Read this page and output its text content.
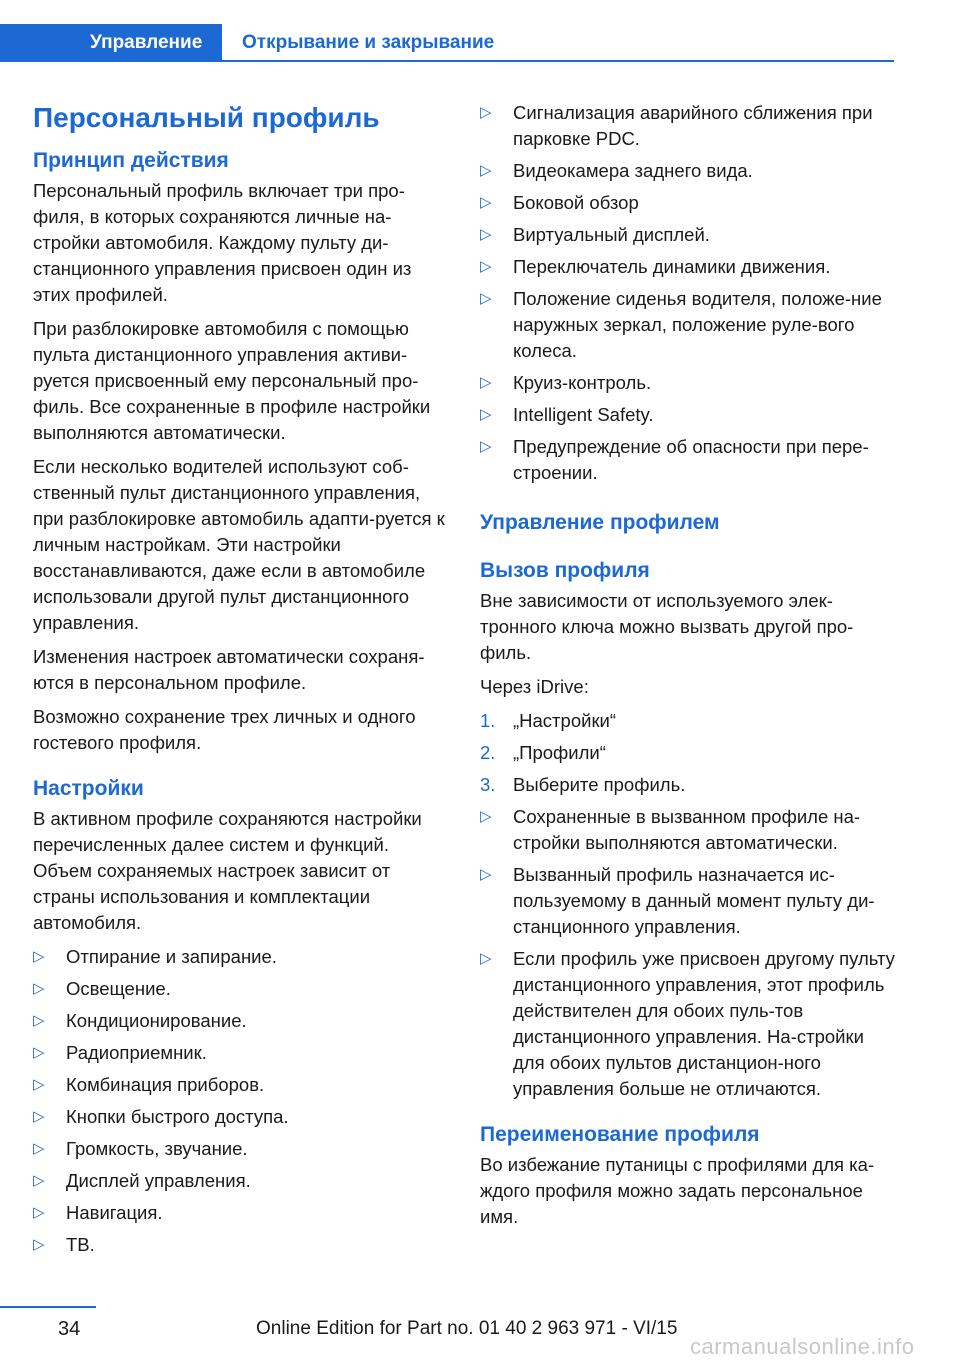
Управление	Открывание и закрывание
Персональный профиль
Принцип действия

Персональный профиль включает три про-филя, в которых сохраняются личные на-стройки автомобиля. Каждому пульту ди-станционного управления присвоен один из этих профилей.

При разблокировке автомобиля с помощью пульта дистанционного управления активи-руется присвоенный ему персональный про-филь. Все сохраненные в профиле настройки выполняются автоматически.

Если несколько водителей используют соб-ственный пульт дистанционного управления, при разблокировке автомобиль адапти-руется к личным настройкам. Эти настройки восстанавливаются, даже если в автомобиле использовали другой пульт дистанционного управления.

Изменения настроек автоматически сохраня-ются в персональном профиле.

Возможно сохранение трех личных и одного гостевого профиля.

Настройки

В активном профиле сохраняются настройки перечисленных далее систем и функций. Объем сохраняемых настроек зависит от страны использования и комплектации автомобиля.

▷ Отпирание и запирание.
▷ Освещение.
▷ Кондиционирование.
▷ Радиоприемник.
▷ Комбинация приборов.
▷ Кнопки быстрого доступа.
▷ Громкость, звучание.
▷ Дисплей управления.
▷ Навигация.
▷ ТВ.
▷ Сигнализация аварийного сближения при парковке PDC.
▷ Видеокамера заднего вида.
▷ Боковой обзор
▷ Виртуальный дисплей.
▷ Переключатель динамики движения.
▷ Положение сиденья водителя, положе-ние наружных зеркал, положение руле-вого колеса.
▷ Круиз-контроль.
▷ Intelligent Safety.
▷ Предупреждение об опасности при пере-строении.
Управление профилем
Вызов профиля

Вне зависимости от используемого элек-тронного ключа можно вызвать другой про-филь.

Через iDrive:

1. „Настройки“
2. „Профили“
3. Выберите профиль.
▷ Сохраненные в вызванном профиле на-стройки выполняются автоматически.
▷ Вызванный профиль назначается ис-пользуемому в данный момент пульту ди-станционного управления.
▷ Если профиль уже присвоен другому пульту дистанционного управления, этот профиль действителен для обоих пуль-тов дистанционного управления. На-стройки для обоих пультов дистанцион-ного управления больше не отличаются.
Переименование профиля

Во избежание путаницы с профилями для ка-ждого профиля можно задать персональное имя.

34	Online Edition for Part no. 01 40 2 963 971 - VI/15
carmanualsonline.info
